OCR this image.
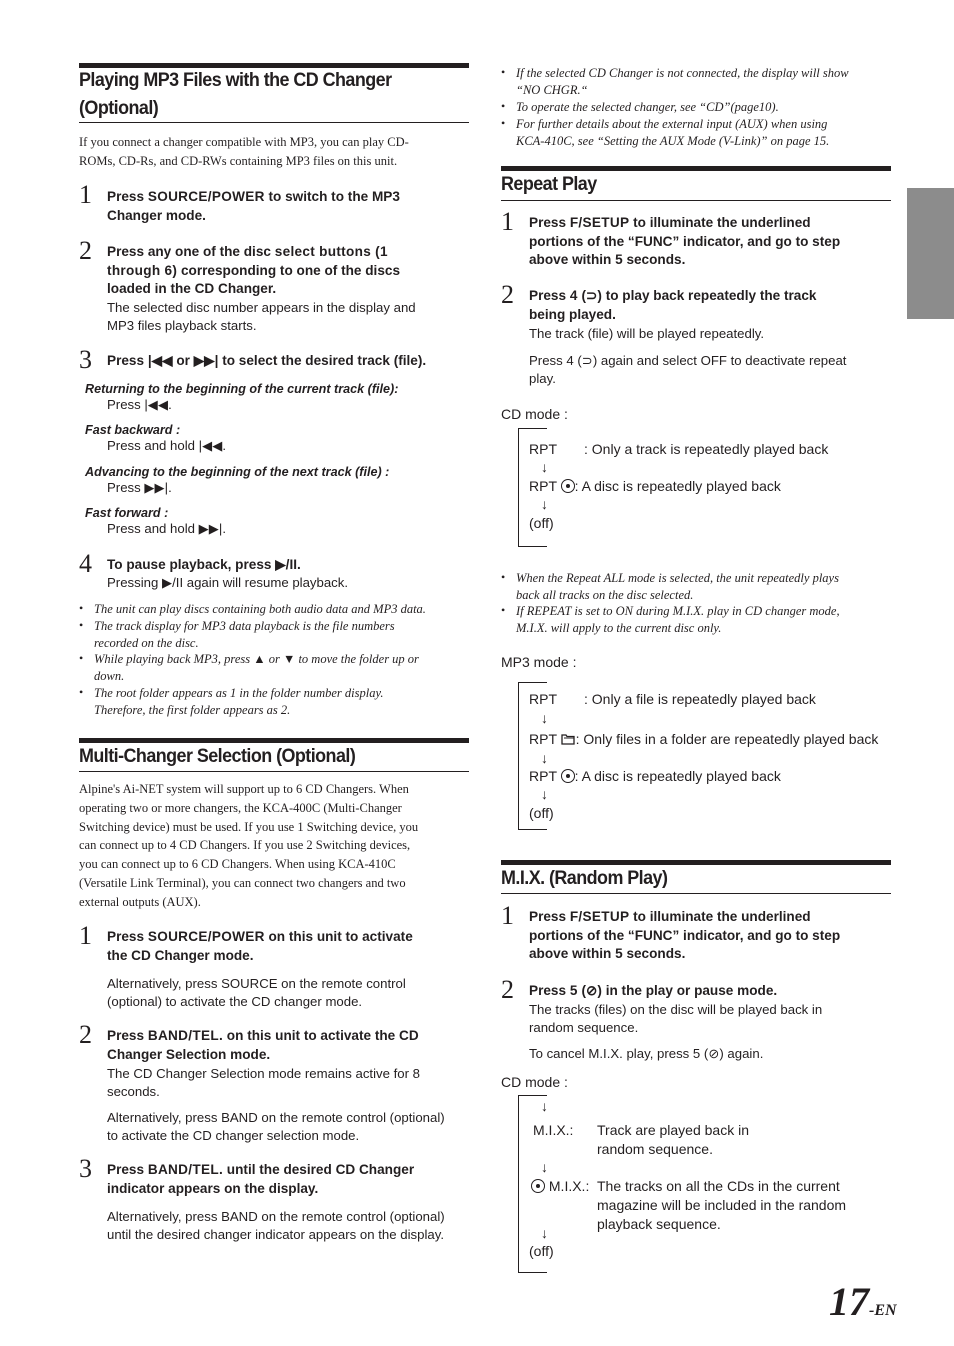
Playing MP3 Files with the CD Changer
(Optional)
If you connect a changer compatible with MP3, you can play CD-
ROMs, CD-Rs, and CD-RWs containing MP3 files on this unit.
1 Press SOURCE/POWER to switch to the MP3
Changer mode.
2 Press any one of the disc select buttons (1
through 6) corresponding to one of the discs
loaded in the CD Changer.
The selected disc number appears in the display and
MP3 files playback starts.
3 Press |◀◀ or ▶▶| to select the desired track (file).
Returning to the beginning of the current track (file):
Press |◀◀.
Fast backward :
Press and hold |◀◀.
Advancing to the beginning of the next track (file) :
Press ▶▶|.
Fast forward :
Press and hold ▶▶|.
4 To pause playback, press ▶/II.
Pressing ▶/II again will resume playback.
• The unit can play discs containing both audio data and MP3 data.
• The track display for MP3 data playback is the file numbers
recorded on the disc.
• While playing back MP3, press ▲ or ▼ to move the folder up or
down.
• The root folder appears as 1 in the folder number display.
Therefore, the first folder appears as 2.
Multi-Changer Selection (Optional)
Alpine's Ai-NET system will support up to 6 CD Changers. When
operating two or more changers, the KCA-400C (Multi-Changer
Switching device) must be used. If you use 1 Switching device, you
can connect up to 4 CD Changers. If you use 2 Switching devices,
you can connect up to 6 CD Changers. When using KCA-410C
(Versatile Link Terminal), you can connect two changers and two
external outputs (AUX).
1 Press SOURCE/POWER on this unit to activate
the CD Changer mode.
Alternatively, press SOURCE on the remote control
(optional) to activate the CD changer mode.
2 Press BAND/TEL. on this unit to activate the CD
Changer Selection mode.
The CD Changer Selection mode remains active for 8
seconds.
Alternatively, press BAND on the remote control (optional)
to activate the CD changer selection mode.
3 Press BAND/TEL. until the desired CD Changer
indicator appears on the display.
Alternatively, press BAND on the remote control (optional)
until the desired changer indicator appears on the display.
• If the selected CD Changer is not connected, the display will show
“NO CHGR.“
• To operate the selected changer, see “CD”(page10).
• For further details about the external input (AUX) when using
KCA-410C, see “Setting the AUX Mode (V-Link)” on page 15.
Repeat Play
1 Press F/SETUP to illuminate the underlined
portions of the “FUNC” indicator, and go to step
above within 5 seconds.
2 Press 4 (⊃) to play back repeatedly the track
being played.
The track (file) will be played repeatedly.
Press 4 (⊃) again and select OFF to deactivate repeat
play.
CD mode :
RPT : Only a track is repeatedly played back
↓
RPT : A disc is repeatedly played back
↓
(off)
• When the Repeat ALL mode is selected, the unit repeatedly plays
back all tracks on the disc selected.
• If REPEAT is set to ON during M.I.X. play in CD changer mode,
M.I.X. will apply to the current disc only.
MP3 mode :
RPT : Only a file is repeatedly played back
↓
RPT : Only files in a folder are repeatedly played back
↓
RPT : A disc is repeatedly played back
↓
(off)
M.I.X. (Random Play)
1 Press F/SETUP to illuminate the underlined
portions of the “FUNC” indicator, and go to step
above within 5 seconds.
2 Press 5 (⊘) in the play or pause mode.
The tracks (files) on the disc will be played back in
random sequence.
To cancel M.I.X. play, press 5 (⊘) again.
CD mode :
↓
M.I.X.: Track are played back in
random sequence.
↓
M.I.X.: The tracks on all the CDs in the current
magazine will be included in the random
playback sequence.
↓
(off)
17-EN
